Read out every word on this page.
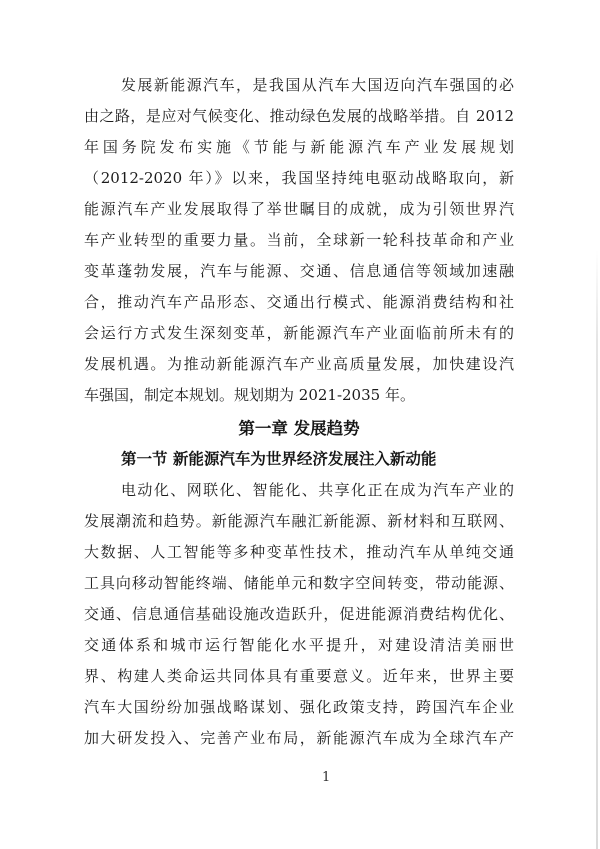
发展新能源汽车，是我国从汽车大国迈向汽车强国的必
由之路，是应对气候变化、推动绿色发展的战略举措。自 2012
年国务院发布实施《节能与新能源汽车产业发展规划
（2012-2020 年）》以来，我国坚持纯电驱动战略取向，新
能源汽车产业发展取得了举世瞩目的成就，成为引领世界汽
车产业转型的重要力量。当前，全球新一轮科技革命和产业
变革蓬勃发展，汽车与能源、交通、信息通信等领域加速融
合，推动汽车产品形态、交通出行模式、能源消费结构和社
会运行方式发生深刻变革，新能源汽车产业面临前所未有的
发展机遇。为推动新能源汽车产业高质量发展，加快建设汽
车强国，制定本规划。规划期为 2021-2035 年。
第一章 发展趋势
第一节 新能源汽车为世界经济发展注入新动能
电动化、网联化、智能化、共享化正在成为汽车产业的
发展潮流和趋势。新能源汽车融汇新能源、新材料和互联网、
大数据、人工智能等多种变革性技术，推动汽车从单纯交通
工具向移动智能终端、储能单元和数字空间转变，带动能源、
交通、信息通信基础设施改造跃升，促进能源消费结构优化、
交通体系和城市运行智能化水平提升，对建设清洁美丽世
界、构建人类命运共同体具有重要意义。近年来，世界主要
汽车大国纷纷加强战略谋划、强化政策支持，跨国汽车企业
加大研发投入、完善产业布局，新能源汽车成为全球汽车产
1
